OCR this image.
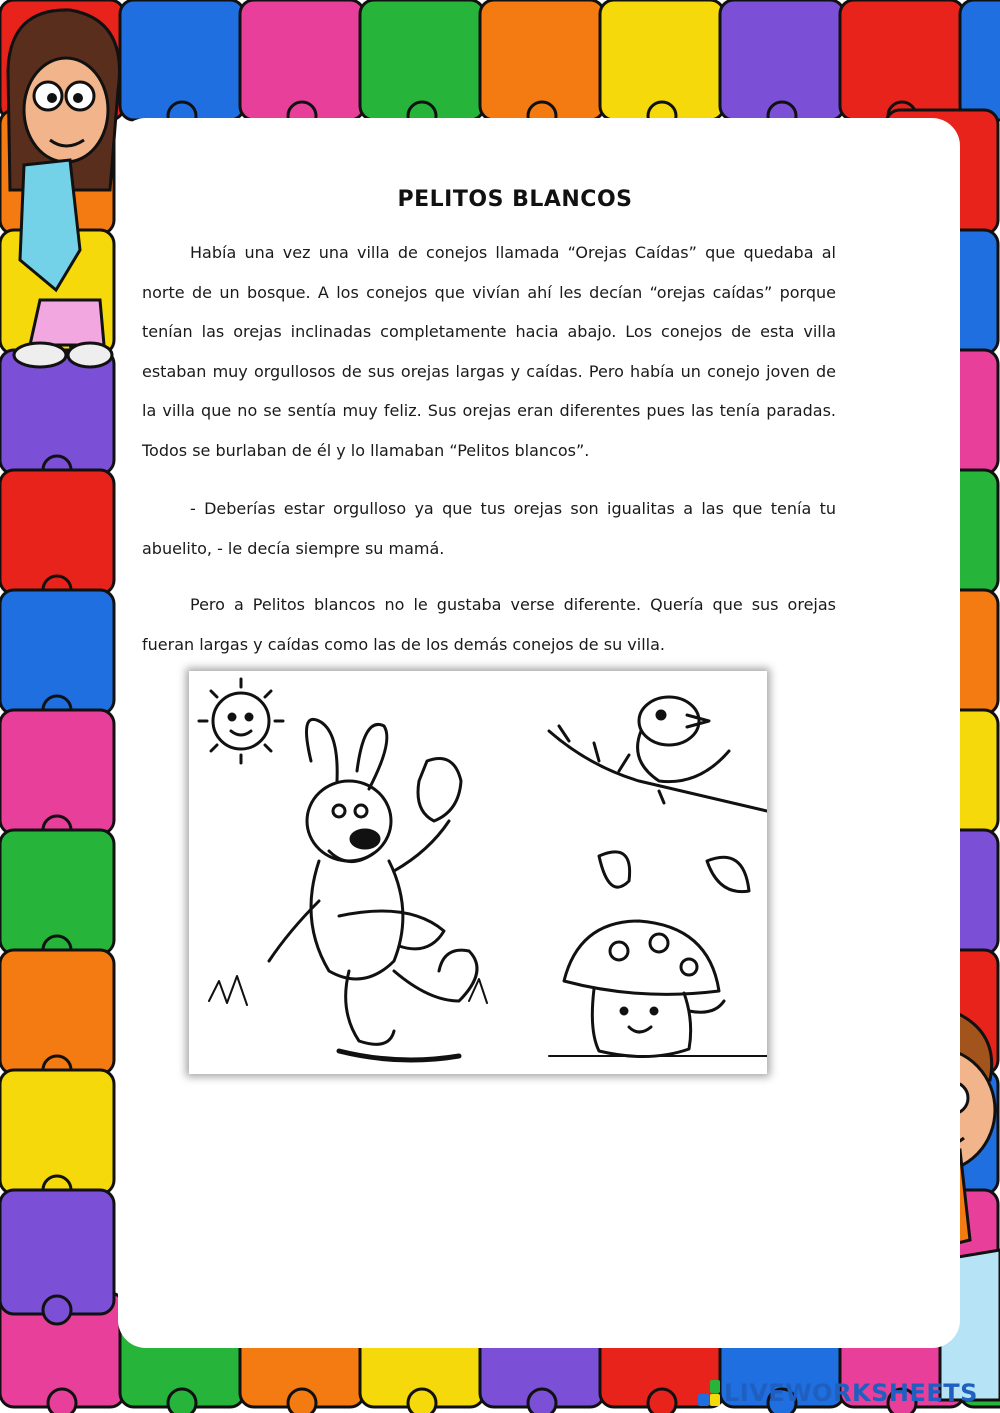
PELITOS BLANCOS

Había una vez una villa de conejos llamada “Orejas Caídas” que quedaba al norte de un bosque. A los conejos que vivían ahí les decían “orejas caídas” porque tenían las orejas inclinadas completamente hacia abajo. Los conejos de esta villa estaban muy orgullosos de sus orejas largas y caídas. Pero había un conejo joven de la villa que no se sentía muy feliz. Sus orejas eran diferentes pues las tenía paradas. Todos se burlaban de él y lo llamaban “Pelitos blancos”.

- Deberías estar orgulloso ya que tus orejas son igualitas a las que tenía tu abuelito, - le decía siempre su mamá.

Pero a Pelitos blancos no le gustaba verse diferente. Quería que sus orejas fueran largas y caídas como las de los demás conejos de su villa.

LIVEWORKSHEETS
